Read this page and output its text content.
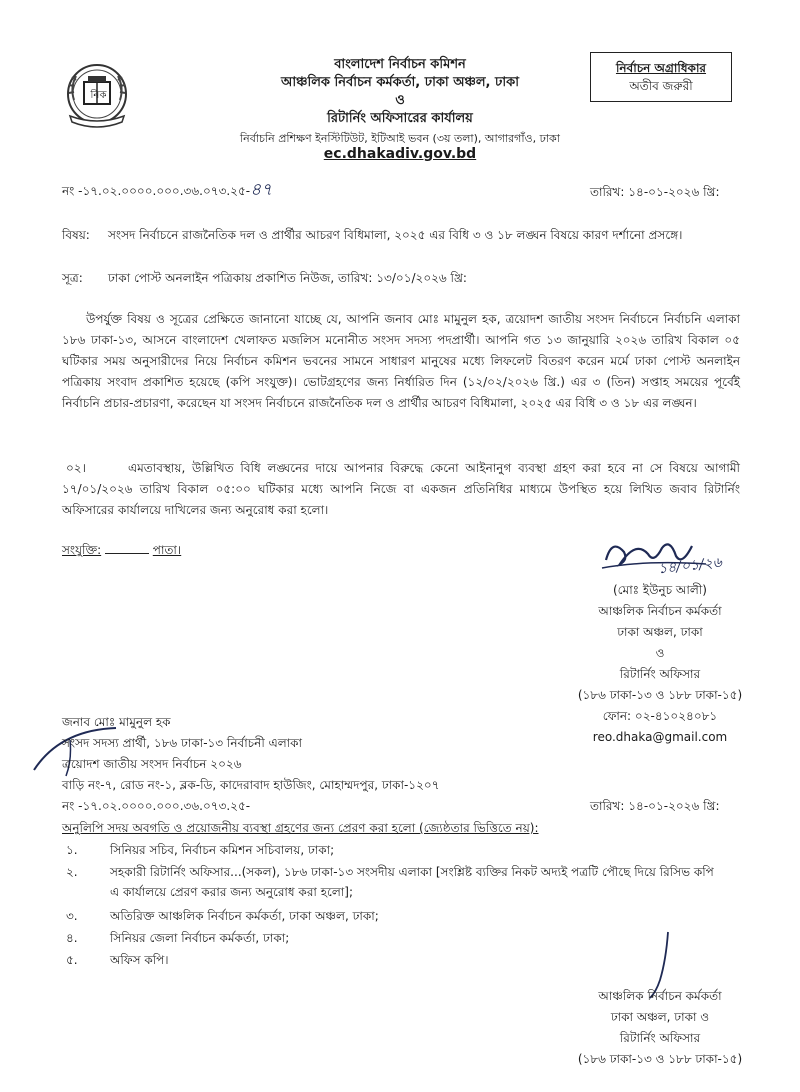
নি ক
বাংলাদেশ নির্বাচন কমিশন
আঞ্চলিক নির্বাচন কর্মকর্তা, ঢাকা অঞ্চল, ঢাকা
ও
রিটার্নিং অফিসারের কার্যালয়
নির্বাচনি প্রশিক্ষণ ইনস্টিটিউট, ইটিআই ভবন (৩য় তলা), আগারগাঁও, ঢাকা
ec.dhakadiv.gov.bd
নির্বাচন অগ্রাধিকার
অতীব জরুরী
নং -১৭.০২.০০০০.০০০.৩৬.০৭৩.২৫-৪৭	তারিখ: ১৪-০১-২০২৬ খ্রি:
বিষয়: সংসদ নির্বাচনে রাজনৈতিক দল ও প্রার্থীর আচরণ বিধিমালা, ২০২৫ এর বিধি ৩ ও ১৮ লঙ্ঘন বিষয়ে কারণ দর্শানো প্রসঙ্গে।
সূত্র: ঢাকা পোস্ট অনলাইন পত্রিকায় প্রকাশিত নিউজ, তারিখ: ১৩/০১/২০২৬ খ্রি:
উপর্যুক্ত বিষয় ও সূত্রের প্রেক্ষিতে জানানো যাচ্ছে যে, আপনি জনাব মোঃ মামুনুল হক, ত্রয়োদশ জাতীয় সংসদ নির্বাচনে নির্বাচনি এলাকা ১৮৬ ঢাকা-১৩, আসনে বাংলাদেশ খেলাফত মজলিস মনোনীত সংসদ সদস্য পদপ্রার্থী। আপনি গত ১৩ জানুয়ারি ২০২৬ তারিখ বিকাল ০৫ ঘটিকার সময় অনুসারীদের নিয়ে নির্বাচন কমিশন ভবনের সামনে সাধারণ মানুষের মধ্যে লিফলেট বিতরণ করেন মর্মে ঢাকা পোস্ট অনলাইন পত্রিকায় সংবাদ প্রকাশিত হয়েছে (কপি সংযুক্ত)। ভোটগ্রহণের জন্য নির্ধারিত দিন (১২/০২/২০২৬ খ্রি.) এর ৩ (তিন) সপ্তাহ সময়ের পূর্বেই নির্বাচনি প্রচার-প্রচারণা, করেছেন যা সংসদ নির্বাচনে রাজনৈতিক দল ও প্রার্থীর আচরণ বিধিমালা, ২০২৫ এর বিধি ৩ ও ১৮ এর লঙ্ঘন।
০২।	এমতাবস্থায়, উল্লিখিত বিধি লঙ্ঘনের দায়ে আপনার বিরুদ্ধে কেনো আইনানুগ ব্যবস্থা গ্রহণ করা হবে না সে বিষয়ে আগামী ১৭/০১/২০২৬ তারিখ বিকাল ০৫:০০ ঘটিকার মধ্যে আপনি নিজে বা একজন প্রতিনিধির মাধ্যমে উপস্থিত হয়ে লিখিত জবাব রিটার্নিং অফিসারের কার্যালয়ে দাখিলের জন্য অনুরোধ করা হলো।
সংযুক্তি:	পাতা।
১৪/০১/২৬
(মোঃ ইউনুচ আলী)
আঞ্চলিক নির্বাচন কর্মকর্তা
ঢাকা অঞ্চল, ঢাকা
ও
রিটার্নিং অফিসার
(১৮৬ ঢাকা-১৩ ও ১৮৮ ঢাকা-১৫)
ফোন: ০২-৪১০২৪০৮১
reo.dhaka@gmail.com
জনাব মোঃ মামুনুল হক
সংসদ সদস্য প্রার্থী, ১৮৬ ঢাকা-১৩ নির্বাচনী এলাকা
ত্রয়োদশ জাতীয় সংসদ নির্বাচন ২০২৬
বাড়ি নং-৭, রোড নং-১, ব্লক-ডি, কাদেরাবাদ হাউজিং, মোহাম্মদপুর, ঢাকা-১২০৭
নং -১৭.০২.০০০০.০০০.৩৬.০৭৩.২৫-	তারিখ: ১৪-০১-২০২৬ খ্রি:
অনুলিপি সদয় অবগতি ও প্রয়োজনীয় ব্যবস্থা গ্রহণের জন্য প্রেরণ করা হলো (জ্যেষ্ঠতার ভিত্তিতে নয়):
১.	সিনিয়র সচিব, নির্বাচন কমিশন সচিবালয়, ঢাকা;
২.	সহকারী রিটার্নিং অফিসার...(সকল), ১৮৬ ঢাকা-১৩ সংসদীয় এলাকা [সংশ্লিষ্ট ব্যক্তির নিকট অদ্যই পত্রটি পৌছে দিয়ে রিসিভ কপি
এ কার্যালয়ে প্রেরণ করার জন্য অনুরোধ করা হলো];
৩.	অতিরিক্ত আঞ্চলিক নির্বাচন কর্মকর্তা, ঢাকা অঞ্চল, ঢাকা;
৪.	সিনিয়র জেলা নির্বাচন কর্মকর্তা, ঢাকা;
৫.	অফিস কপি।
আঞ্চলিক নির্বাচন কর্মকর্তা
ঢাকা অঞ্চল, ঢাকা ও
রিটার্নিং অফিসার
(১৮৬ ঢাকা-১৩ ও ১৮৮ ঢাকা-১৫)
